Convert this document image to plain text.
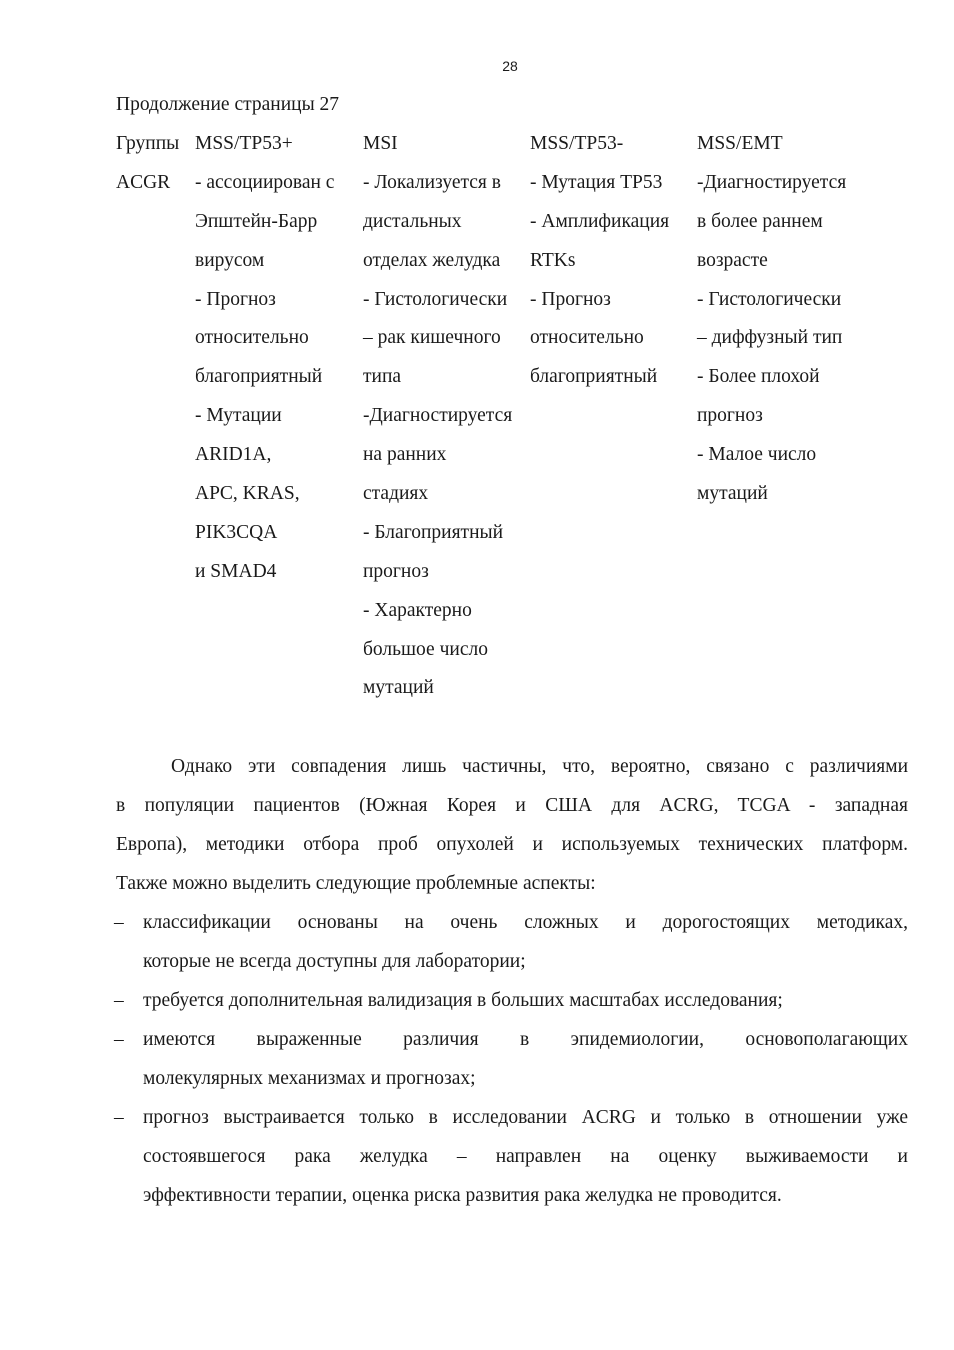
28
Продолжение страницы 27
Группы
ACGR
MSS/TP53+
- ассоциирован с
Эпштейн-Барр
вирусом
- Прогноз
относительно
благоприятный
- Мутации
ARID1A,
APC, KRAS,
PIK3CQA
и SMAD4
MSI
- Локализуется в
дистальных
отделах желудка
- Гистологически
– рак кишечного
типа
-Диагностируется
на ранних
стадиях
- Благоприятный
прогноз
- Характерно
большое число
мутаций
MSS/TP53-
- Мутация TP53
- Амплификация
RTKs
- Прогноз
относительно
благоприятный
MSS/EMT
-Диагностируется
в более раннем
возрасте
- Гистологически
– диффузный тип
- Более плохой
прогноз
- Малое число
мутаций
Однако эти совпадения лишь частичны, что, вероятно, связано с различиями
в популяции пациентов (Южная Корея и США для ACRG, TCGA - западная
Европа), методики отбора проб опухолей и используемых технических платформ.
Также можно выделить следующие проблемные аспекты:
– классификации основаны на очень сложных и дорогостоящих методиках,
которые не всегда доступны для лаборатории;
– требуется дополнительная валидизация в больших масштабах исследования;
– имеются выраженные различия в эпидемиологии, основополагающих
молекулярных механизмах и прогнозах;
– прогноз выстраивается только в исследовании ACRG и только в отношении уже
состоявшегося рака желудка – направлен на оценку выживаемости и
эффективности терапии, оценка риска развития рака желудка не проводится.
